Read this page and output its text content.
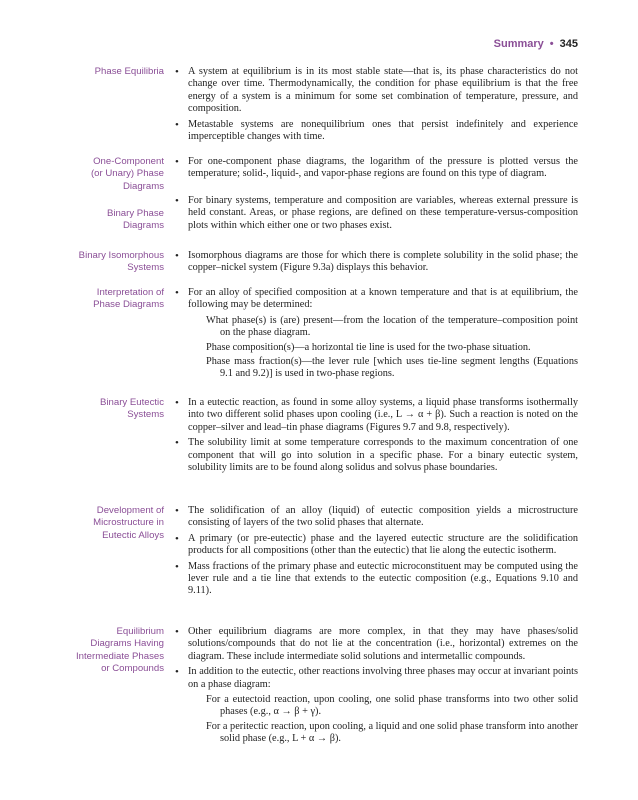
Summary • 345
Phase Equilibria
•	A system at equilibrium is in its most stable state—that is, its phase characteristics do not change over time. Thermodynamically, the condition for phase equilibrium is that the free energy of a system is a minimum for some set combination of temperature, pressure, and composition.
• Metastable systems are nonequilibrium ones that persist indefinitely and experience imperceptible changes with time.
One-Component
(or Unary) Phase
Diagrams
Binary Phase
Diagrams
• For one-component phase diagrams, the logarithm of the pressure is plotted versus the temperature; solid-, liquid-, and vapor-phase regions are found on this type of diagram.
• For binary systems, temperature and composition are variables, whereas external pressure is held constant. Areas, or phase regions, are defined on these temperature-versus-composition plots within which either one or two phases exist.
Binary Isomorphous
Systems
• Isomorphous diagrams are those for which there is complete solubility in the solid phase; the copper–nickel system (Figure 9.3a) displays this behavior.
Interpretation of
Phase Diagrams
• For an alloy of specified composition at a known temperature and that is at equilibrium, the following may be determined:
What phase(s) is (are) present—from the location of the temperature–composition point on the phase diagram.
Phase composition(s)—a horizontal tie line is used for the two-phase situation.
Phase mass fraction(s)—the lever rule [which uses tie-line segment lengths (Equations 9.1 and 9.2)] is used in two-phase regions.
Binary Eutectic
Systems
• In a eutectic reaction, as found in some alloy systems, a liquid phase transforms isothermally into two different solid phases upon cooling (i.e., L → α + β). Such a reaction is noted on the copper–silver and lead–tin phase diagrams (Figures 9.7 and 9.8, respectively).
• The solubility limit at some temperature corresponds to the maximum concentration of one component that will go into solution in a specific phase. For a binary eutectic system, solubility limits are to be found along solidus and solvus phase boundaries.
Development of
Microstructure in
Eutectic Alloys
• The solidification of an alloy (liquid) of eutectic composition yields a microstructure consisting of layers of the two solid phases that alternate.
• A primary (or pre-eutectic) phase and the layered eutectic structure are the solidification products for all compositions (other than the eutectic) that lie along the eutectic isotherm.
• Mass fractions of the primary phase and eutectic microconstituent may be computed using the lever rule and a tie line that extends to the eutectic composition (e.g., Equations 9.10 and 9.11).
Equilibrium
Diagrams Having
Intermediate Phases
or Compounds
• Other equilibrium diagrams are more complex, in that they may have phases/solid solutions/compounds that do not lie at the concentration (i.e., horizontal) extremes on the diagram. These include intermediate solid solutions and intermetallic compounds.
• In addition to the eutectic, other reactions involving three phases may occur at invariant points on a phase diagram:
For a eutectoid reaction, upon cooling, one solid phase transforms into two other solid phases (e.g., α → β + γ).
For a peritectic reaction, upon cooling, a liquid and one solid phase transform into another solid phase (e.g., L + α → β).
